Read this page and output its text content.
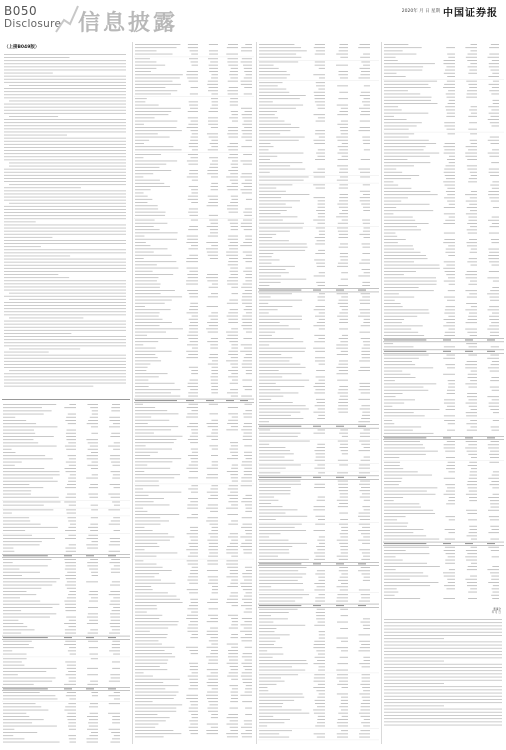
B050
Disclosure 信息披露	2020年 月 日 星期 中国证券报
（上接B049版）
董事会
年 月 日
